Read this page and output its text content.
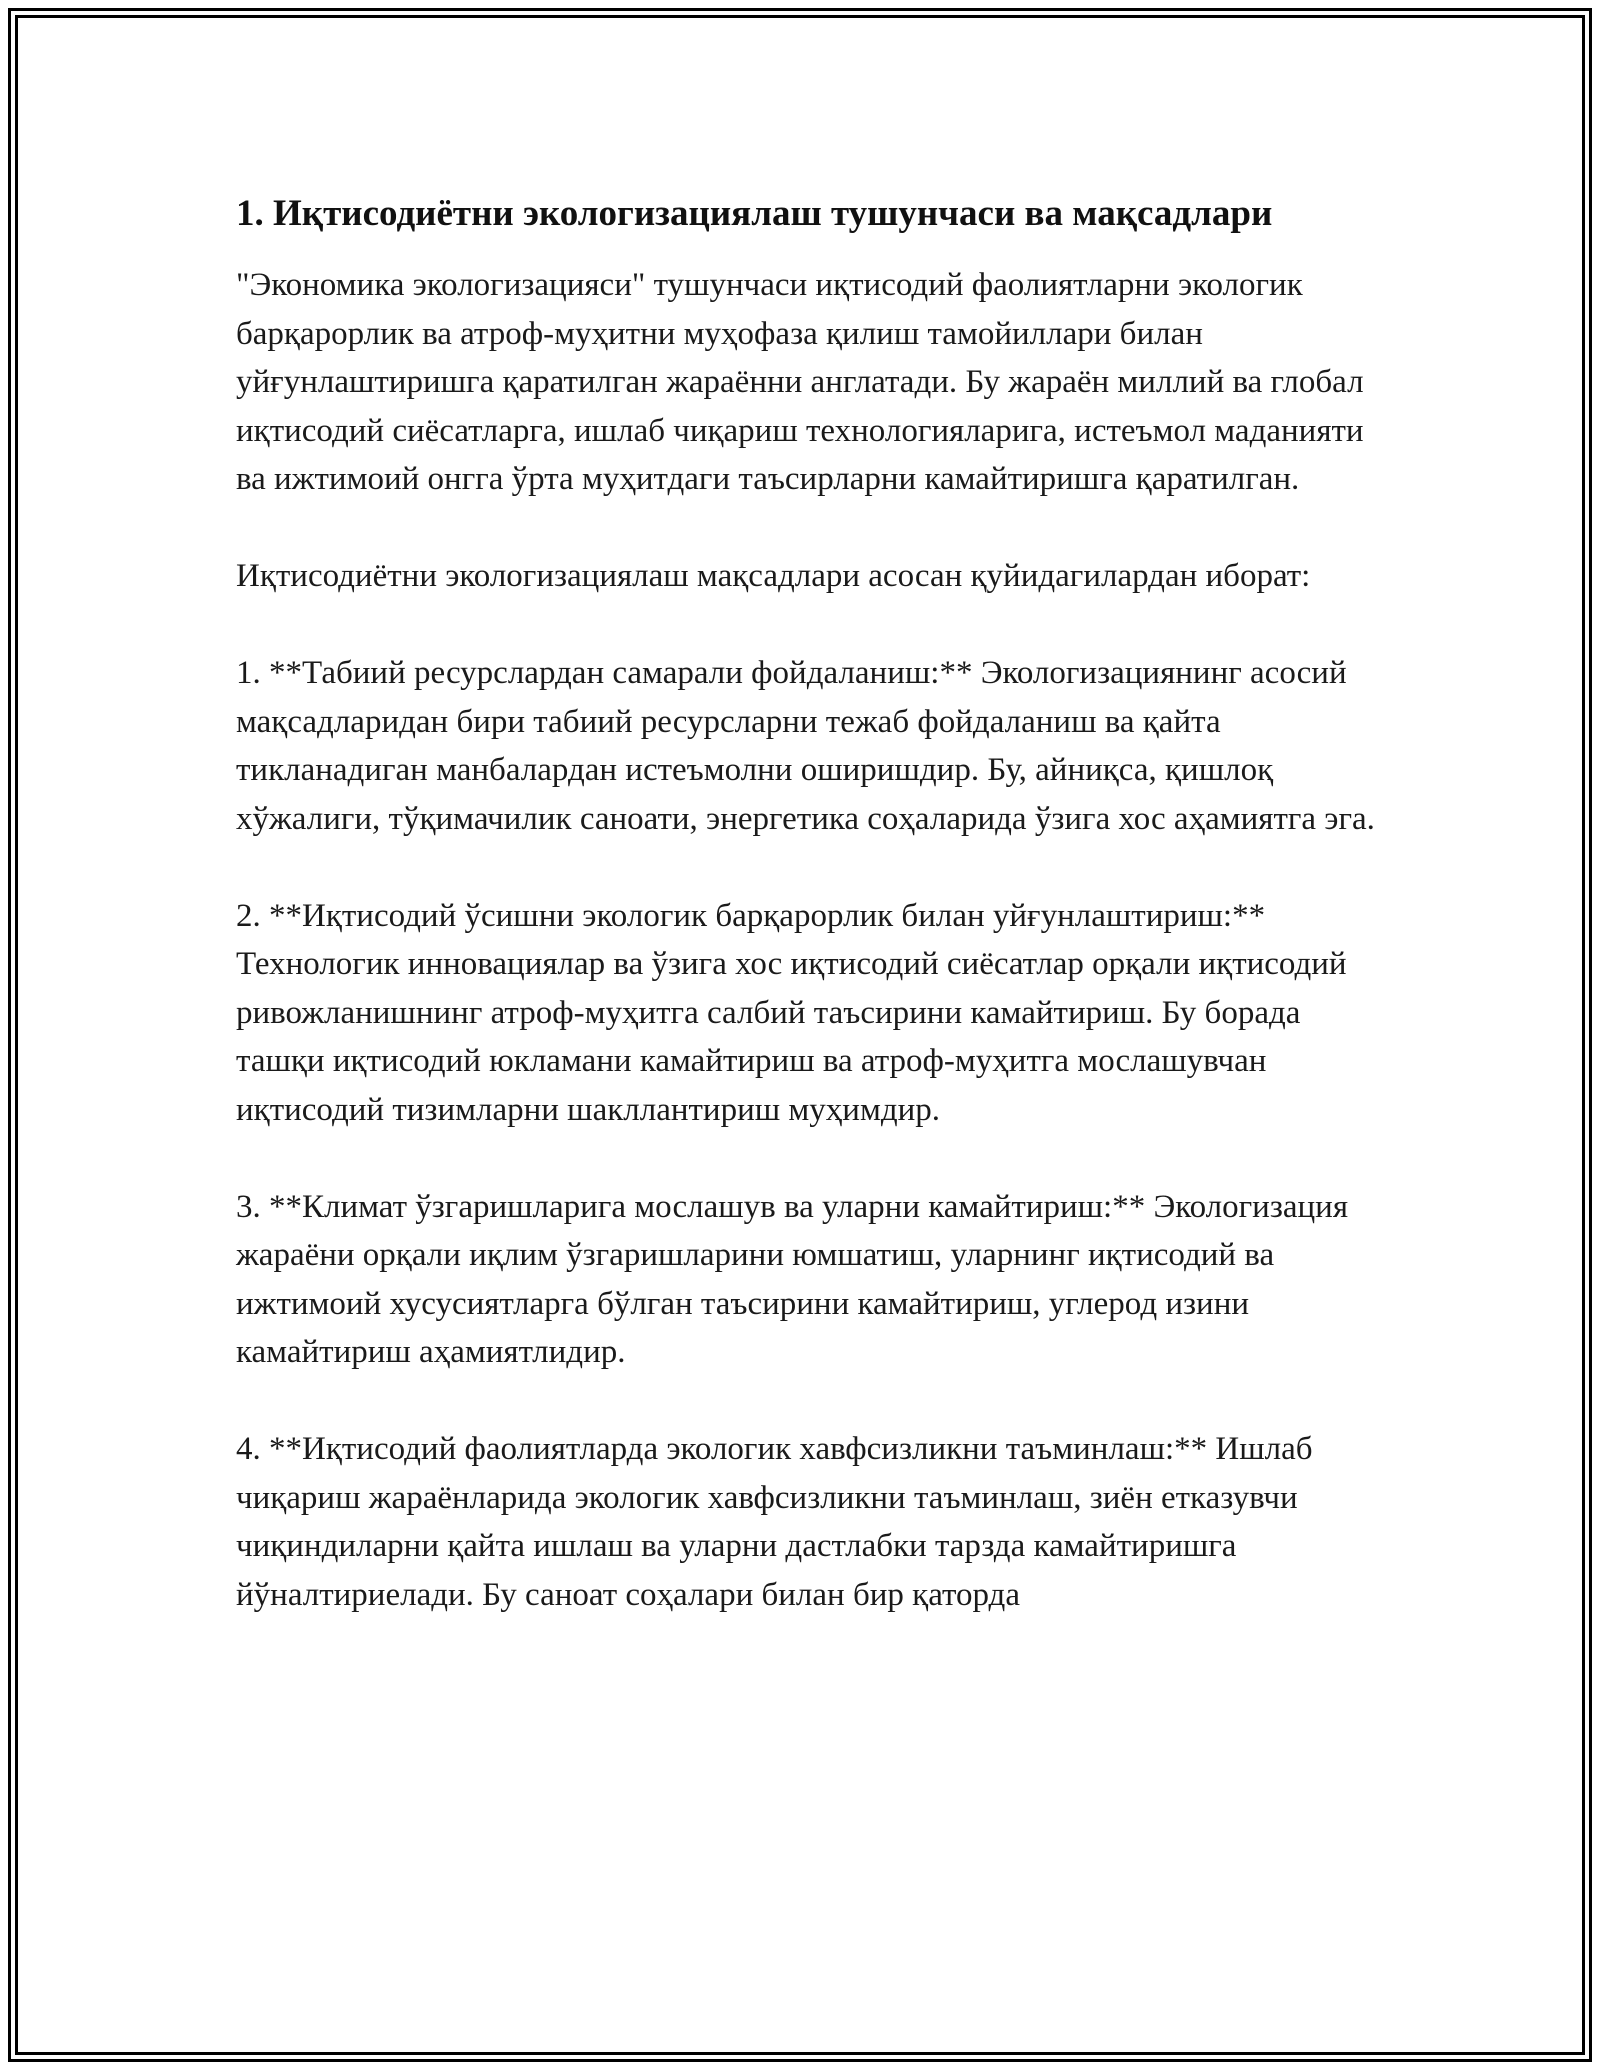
1. Иқтисодиётни экологизациялаш тушунчаси ва мақсадлари

"Экономика экологизацияси" тушунчаси иқтисодий фаолиятларни экологик барқарорлик ва атроф-муҳитни муҳофаза қилиш тамойиллари билан уйғунлаштиришга қаратилган жараённи англатади. Бу жараён миллий ва глобал иқтисодий сиёсатларга, ишлаб чиқариш технологияларига, истеъмол маданияти ва ижтимоий онгга ўрта муҳитдаги таъсирларни камайтиришга қаратилган.

Иқтисодиётни экологизациялаш мақсадлари асосан қуйидагилардан иборат:

1. **Табиий ресурслардан самарали фойдаланиш:** Экологизациянинг асосий мақсадларидан бири табиий ресурсларни тежаб фойдаланиш ва қайта тикланадиган манбалардан истеъмолни оширишдир. Бу, айниқса, қишлоқ хўжалиги, тўқимачилик саноати, энергетика соҳаларида ўзига хос аҳамиятга эга.

2. **Иқтисодий ўсишни экологик барқарорлик билан уйғунлаштириш:** Технологик инновациялар ва ўзига хос иқтисодий сиёсатлар орқали иқтисодий ривожланишнинг атроф-муҳитга салбий таъсирини камайтириш. Бу борада ташқи иқтисодий юкламани камайтириш ва атроф-муҳитга мослашувчан иқтисодий тизимларни шакллантириш муҳимдир.

3. **Климат ўзгаришларига мослашув ва уларни камайтириш:** Экологизация жараёни орқали иқлим ўзгаришларини юмшатиш, уларнинг иқтисодий ва ижтимоий хусусиятларга бўлган таъсирини камайтириш, углерод изини камайтириш аҳамиятлидир.

4. **Иқтисодий фаолиятларда экологик хавфсизликни таъминлаш:** Ишлаб чиқариш жараёнларида экологик хавфсизликни таъминлаш, зиён етказувчи чиқиндиларни қайта ишлаш ва уларни дастлабки тарзда камайтиришга йўналтириелади. Бу саноат соҳалари билан бир қаторда
